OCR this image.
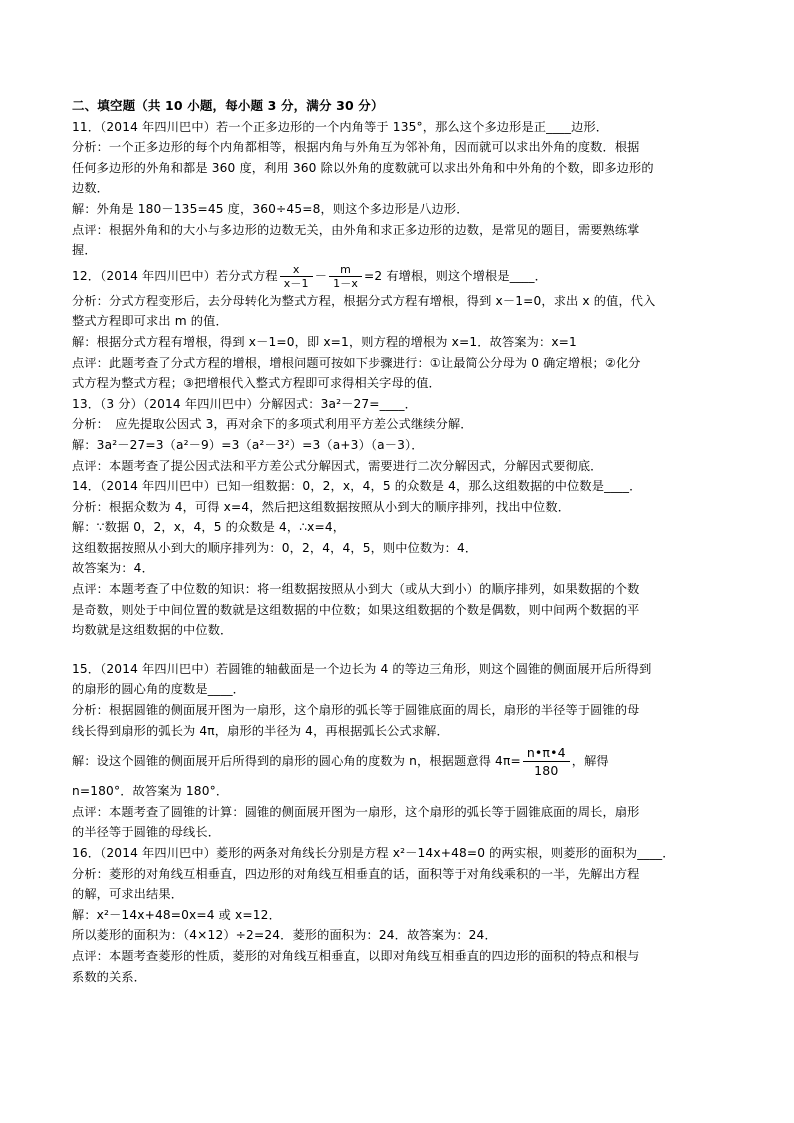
二、填空题（共 10 小题，每小题 3 分，满分 30 分）
11．（2014 年四川巴中）若一个正多边形的一个内角等于 135°，那么这个多边形是正____边形．
分析：一个正多边形的每个内角都相等，根据内角与外角互为邻补角，因而就可以求出外角的度数．根据
任何多边形的外角和都是 360 度，利用 360 除以外角的度数就可以求出外角和中外角的个数，即多边形的
边数．
解：外角是 180－135=45 度，360÷45=8，则这个多边形是八边形．
点评：根据外角和的大小与多边形的边数无关，由外角和求正多边形的边数，是常见的题目，需要熟练掌
握．
12．（2014 年四川巴中）若分式方程 $\frac{x}{x-1} - \frac{m}{1-x} =2$ 有增根，则这个增根是____．
分析：分式方程变形后，去分母转化为整式方程，根据分式方程有增根，得到 x－1=0，求出 x 的值，代入
整式方程即可求出 m 的值．
解：根据分式方程有增根，得到 x－1=0，即 x=1，则方程的增根为 x=1．故答案为：x=1
点评：此题考查了分式方程的增根，增根问题可按如下步骤进行：①让最简公分母为 0 确定增根；②化分
式方程为整式方程；③把增根代入整式方程即可求得相关字母的值．
13．（3 分）（2014 年四川巴中）分解因式：3a²－27=____．
分析：　应先提取公因式 3，再对余下的多项式利用平方差公式继续分解．
解：3a²－27=3（a²－9）=3（a²－3²）=3（a+3）（a－3）．
点评：本题考查了提公因式法和平方差公式分解因式，需要进行二次分解因式，分解因式要彻底．
14．（2014 年四川巴中）已知一组数据：0，2，x，4，5 的众数是 4，那么这组数据的中位数是____．
分析：根据众数为 4，可得 x=4，然后把这组数据按照从小到大的顺序排列，找出中位数．
解：∵数据 0，2，x，4，5 的众数是 4，∴x=4，
这组数据按照从小到大的顺序排列为：0，2，4，4，5，则中位数为：4．
故答案为：4．
点评：本题考查了中位数的知识：将一组数据按照从小到大（或从大到小）的顺序排列，如果数据的个数
是奇数，则处于中间位置的数就是这组数据的中位数；如果这组数据的个数是偶数，则中间两个数据的平
均数就是这组数据的中位数．
15．（2014 年四川巴中）若圆锥的轴截面是一个边长为 4 的等边三角形，则这个圆锥的侧面展开后所得到
的扇形的圆心角的度数是____．
分析：根据圆锥的侧面展开图为一扇形，这个扇形的弧长等于圆锥底面的周长，扇形的半径等于圆锥的母
线长得到扇形的弧长为 4π，扇形的半径为 4，再根据弧长公式求解．
解：设这个圆锥的侧面展开后所得到的扇形的圆心角的度数为 n，根据题意得 $4\pi= \frac{n•\pi•4}{180}$ ，解得
n=180°．故答案为 180°．
点评：本题考查了圆锥的计算：圆锥的侧面展开图为一扇形，这个扇形的弧长等于圆锥底面的周长，扇形
的半径等于圆锥的母线长．
16．（2014 年四川巴中）菱形的两条对角线长分别是方程 x²－14x+48=0 的两实根，则菱形的面积为____．
分析：菱形的对角线互相垂直，四边形的对角线互相垂直的话，面积等于对角线乘积的一半，先解出方程
的解，可求出结果．
解：x²－14x+48=0x=4 或 x=12．
所以菱形的面积为：（4×12）÷2=24．菱形的面积为：24．故答案为：24．
点评：本题考查菱形的性质，菱形的对角线互相垂直，以即对角线互相垂直的四边形的面积的特点和根与
系数的关系．
